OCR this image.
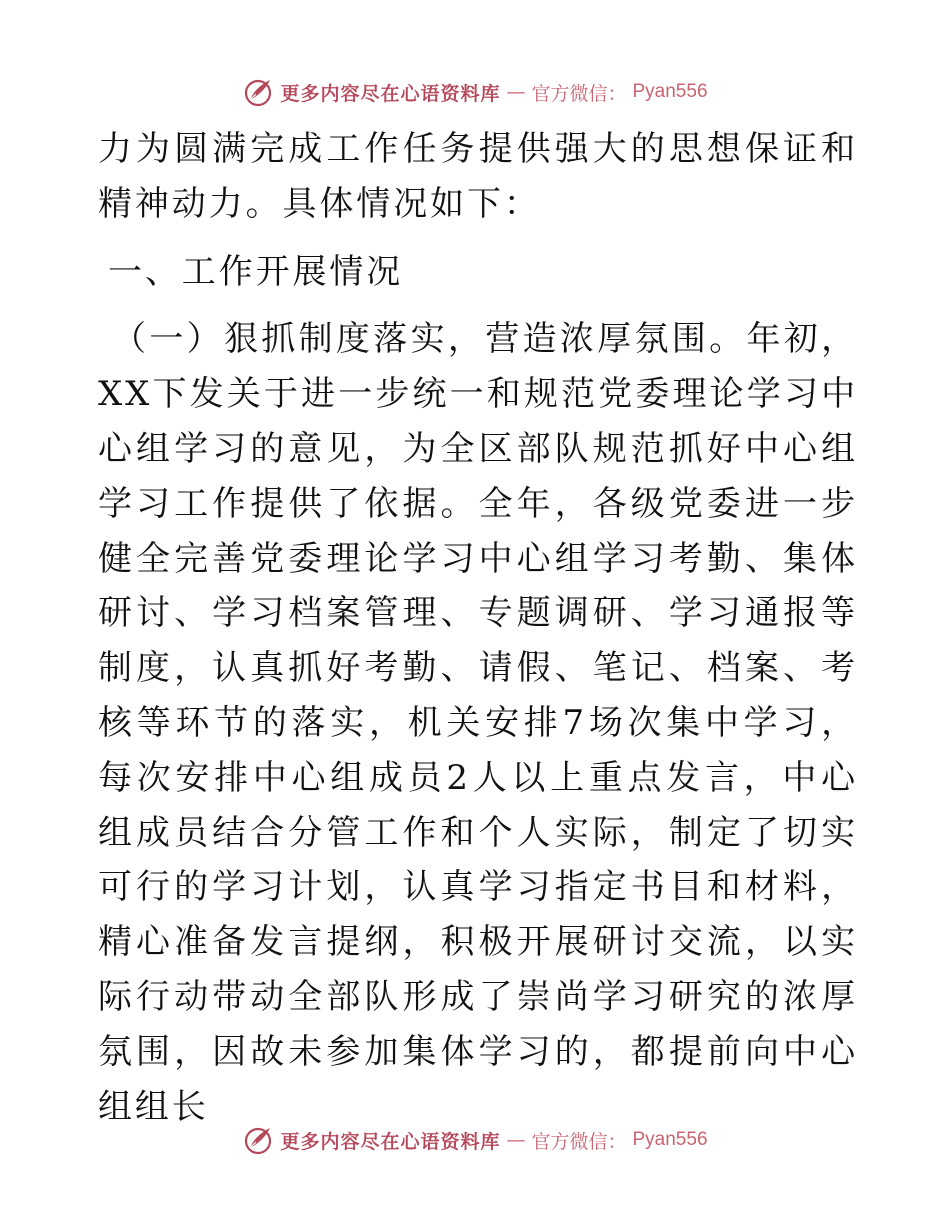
更多内容尽在心语资料库 — 官方微信： Pyan556

力为圆满完成工作任务提供强大的思想保证和精神动力。具体情况如下：

一、工作开展情况

（一）狠抓制度落实，营造浓厚氛围。年初，XX下发关于进一步统一和规范党委理论学习中心组学习的意见，为全区部队规范抓好中心组学习工作提供了依据。全年，各级党委进一步健全完善党委理论学习中心组学习考勤、集体研讨、学习档案管理、专题调研、学习通报等制度，认真抓好考勤、请假、笔记、档案、考核等环节的落实，机关安排7场次集中学习，每次安排中心组成员2人以上重点发言，中心组成员结合分管工作和个人实际，制定了切实可行的学习计划，认真学习指定书目和材料，精心准备发言提纲，积极开展研讨交流，以实际行动带动全部队形成了崇尚学习研究的浓厚氛围，因故未参加集体学习的，都提前向中心组组长

更多内容尽在心语资料库 — 官方微信： Pyan556
